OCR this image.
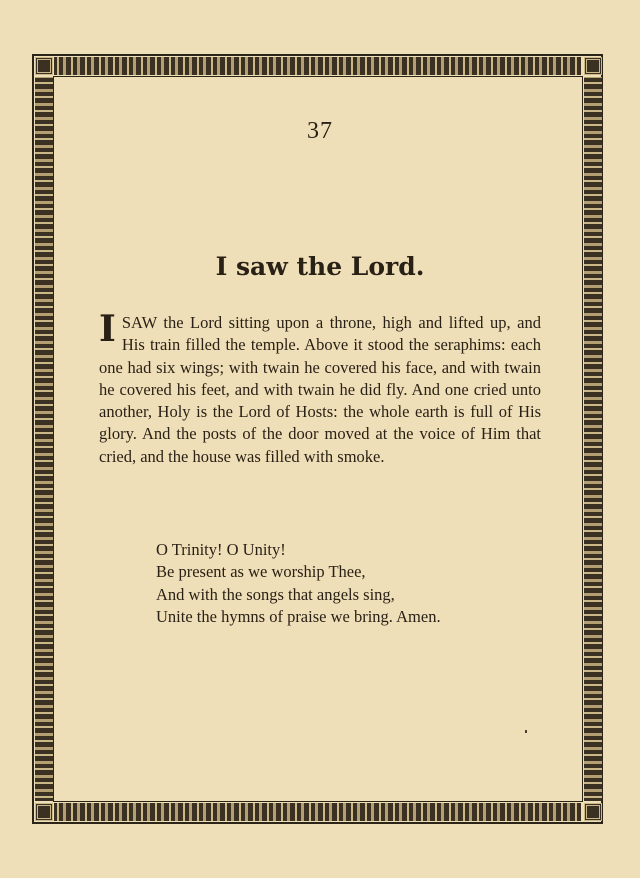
37
I saw the Lord.
I SAW the Lord sitting upon a throne, high and lifted up, and His train filled the temple. Above it stood the seraphims: each one had six wings; with twain he covered his face, and with twain he covered his feet, and with twain he did fly. And one cried unto another, Holy is the Lord of Hosts: the whole earth is full of His glory. And the posts of the door moved at the voice of Him that cried, and the house was filled with smoke.
O Trinity! O Unity!
Be present as we worship Thee,
And with the songs that angels sing,
Unite the hymns of praise we bring. Amen.
